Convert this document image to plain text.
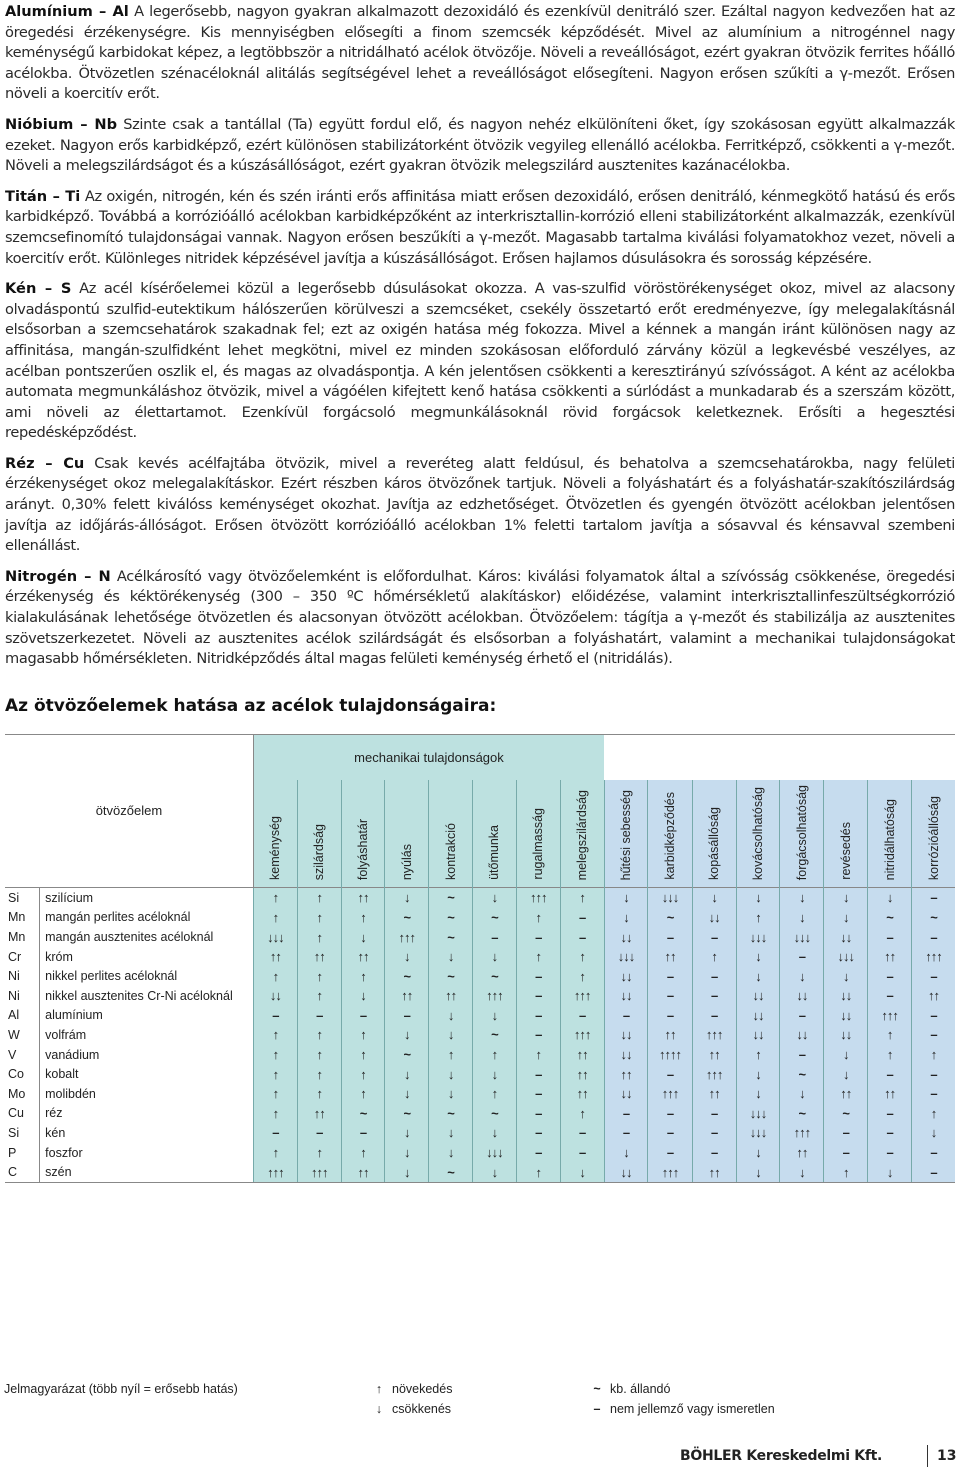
Alumínium – Al A legerősebb, nagyon gyakran alkalmazott dezoxidáló és ezenkívül denitráló szer. Ezáltal nagyon kedvezően hat az öregedési érzékenységre. Kis mennyiségben elősegíti a finom szemcsék képződését. Mivel az alumínium a nitrogénnel nagy keménységű karbidokat képez, a legtöbbször a nitridálható acélok ötvözője. Növeli a reveállóságot, ezért gyakran ötvözik ferrites hőálló acélokba. Ötvözetlen szénacéloknál alitálás segítségével lehet a reveállóságot elősegíteni. Nagyon erősen szűkíti a γ-mezőt. Erősen növeli a koercitív erőt.

Nióbium – Nb Szinte csak a tantállal (Ta) együtt fordul elő, és nagyon nehéz elkülöníteni őket, így szokásosan együtt alkalmazzák ezeket. Nagyon erős karbidképző, ezért különösen stabilizátorként ötvözik vegyileg ellenálló acélokba. Ferritképző, csökkenti a γ-mezőt. Növeli a melegszilárdságot és a kúszásállóságot, ezért gyakran ötvözik melegszilárd ausztenites kazánacélokba.

Titán – Ti Az oxigén, nitrogén, kén és szén iránti erős affinitása miatt erősen dezoxidáló, erősen denitráló, kénmegkötő hatású és erős karbidképző. Továbbá a korrózióálló acélokban karbidképzőként az interkrisztallin-korrózió elleni stabilizátorként alkalmazzák, ezenkívül szemcsefinomító tulajdonságai vannak. Nagyon erősen beszűkíti a γ-mezőt. Magasabb tartalma kiválási folyamatokhoz vezet, növeli a koercitív erőt. Különleges nitridek képzésével javítja a kúszásállóságot. Erősen hajlamos dúsulásokra és sorosság képzésére.

Kén – S Az acél kísérőelemei közül a legerősebb dúsulásokat okozza. A vas-szulfid vöröstörékenységet okoz, mivel az alacsony olvadáspontú szulfid-eutektikum hálószerűen körülveszi a szemcséket, csekély összetartó erőt eredményezve, így melegalakításnál elsősorban a szemcsehatárok szakadnak fel; ezt az oxigén hatása még fokozza. Mivel a kénnek a mangán iránt különösen nagy az affinitása, mangán-szulfidként lehet megkötni, mivel ez minden szokásosan előforduló zárvány közül a legkevésbé veszélyes, az acélban pontszerűen oszlik el, és magas az olvadáspontja. A kén jelentősen csökkenti a keresztirányú szívósságot. A ként az acélokba automata megmunkáláshoz ötvözik, mivel a vágóélen kifejtett kenő hatása csökkenti a súrlódást a munkadarab és a szerszám között, ami növeli az élettartamot. Ezenkívül forgácsoló megmunkálásoknál rövid forgácsok keletkeznek. Erősíti a hegesztési repedésképződést.

Réz – Cu Csak kevés acélfajtába ötvözik, mivel a reveréteg alatt feldúsul, és behatolva a szemcsehatárokba, nagy felületi érzékenységet okoz melegalakításkor. Ezért részben káros ötvözőnek tartjuk. Növeli a folyáshatárt és a folyáshatár-szakítószilárdság arányt. 0,30% felett kiválóss keménységet okozhat. Javítja az edzhetőséget. Ötvözetlen és gyengén ötvözött acélokban jelentősen javítja az időjárás-állóságot. Erősen ötvözött korrózióálló acélokban 1% feletti tartalom javítja a sósavval és kénsavval szembeni ellenállást.

Nitrogén – N Acélkárosító vagy ötvözőelemként is előfordulhat. Káros: kiválási folyamatok által a szívósság csökkenése, öregedési érzékenység és kéktörékenység (300 – 350 ºC hőmérsékletű alakításkor) előidézése, valamint interkrisztallinfeszültségkorrózió kialakulásának lehetősége ötvözetlen és alacsonyan ötvözött acélokban. Ötvözőelem: tágítja a γ-mezőt és stabilizálja az ausztenites szövetszerkezetet. Növeli az ausztenites acélok szilárdságát és elsősorban a folyáshatárt, valamint a mechanikai tulajdonságokat magasabb hőmérsékleten. Nitridképződés által magas felületi keménység érhető el (nitridálás).

Az ötvözőelemek hatása az acélok tulajdonságaira:
ötvözőelem		mechanikai tulajdonságok															
		keménység	szilárdság	folyáshatár	nyúlás	kontrakció	ütőmunka	rugalmasság	melegszilárdság	hűtési sebesség	karbidképződés	kopásállóság	kovácsolhatóság	forgácsolhatóság	revésedés	nitridálhatóság	korrózióállóság
Si	szilícium	↑	↑	↑↑	↓	~	↓	↑↑↑	↑	↓	↓↓↓	↓	↓	↓	↓	↓	–
Mn	mangán perlites acéloknál	↑	↑	↑	~	~	~	↑	–	↓	~	↓↓	↑	↓	↓	~	~
Mn	mangán ausztenites acéloknál	↓↓↓	↑	↓	↑↑↑	~	–	–	–	↓↓	–	–	↓↓↓	↓↓↓	↓↓	–	–
Cr	króm	↑↑	↑↑	↑↑	↓	↓	↓	↑	↑	↓↓↓	↑↑	↑	↓	–	↓↓↓	↑↑	↑↑↑
Ni	nikkel perlites acéloknál	↑	↑	↑	~	~	~	–	↑	↓↓	–	–	↓	↓	↓	–	–
Ni	nikkel ausztenites Cr-Ni acéloknál	↓↓	↑	↓	↑↑	↑↑	↑↑↑	–	↑↑↑	↓↓	–	–	↓↓	↓↓	↓↓	–	↑↑
Al	alumínium	–	–	–	–	↓	↓	–	–	–	–	–	↓↓	–	↓↓	↑↑↑	–
W	volfrám	↑	↑	↑	↓	↓	~	–	↑↑↑	↓↓	↑↑	↑↑↑	↓↓	↓↓	↓↓	↑	–
V	vanádium	↑	↑	↑	~	↑	↑	↑	↑↑	↓↓	↑↑↑↑	↑↑	↑	–	↓	↑	↑
Co	kobalt	↑	↑	↑	↓	↓	↓	–	↑↑	↑↑	–	↑↑↑	↓	~	↓	–	–
Mo	molibdén	↑	↑	↑	↓	↓	↑	–	↑↑	↓↓	↑↑↑	↑↑	↓	↓	↑↑	↑↑	–
Cu	réz	↑	↑↑	~	~	~	~	–	↑	–	–	–	↓↓↓	~	~	–	↑
Si	kén	–	–	–	↓	↓	↓	–	–	–	–	–	↓↓↓	↑↑↑	–	–	↓
P	foszfor	↑	↑	↑	↓	↓	↓↓↓	–	–	↓	–	–	↓	↑↑	–	–	–
C	szén	↑↑↑	↑↑↑	↑↑	↓	~	↓	↑	↓	↓↓	↑↑↑	↑↑	↓	↓	↑	↓	–
Jelmagyarázat (több nyíl = erősebb hatás)	↑ növekedés
↓ csökkenés
~ kb. állandó
– nem jellemző vagy ismeretlen
BÖHLER Kereskedelmi Kft.	13
